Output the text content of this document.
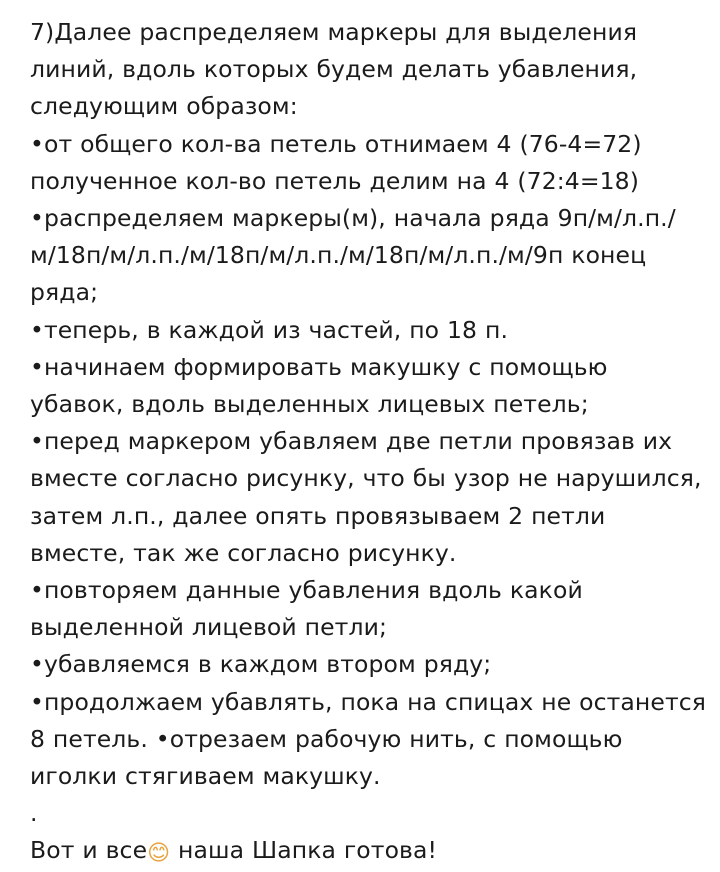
7)Далее распределяем маркеры для выделения линий, вдоль которых будем делать убавления, следующим образом:

•от общего кол-ва петель отнимаем 4 (76-4=72) полученное кол-во петель делим на 4 (72:4=18)

•распределяем маркеры(м), начала ряда 9п/м/л.п./м/18п/м/л.п./м/18п/м/л.п./м/18п/м/л.п./м/9п конец ряда;

•теперь, в каждой из частей, по 18 п.

•начинаем формировать макушку с помощью убавок, вдоль выделенных лицевых петель;

•перед маркером убавляем две петли провязав их вместе согласно рисунку, что бы узор не нарушился, затем л.п., далее опять провязываем 2 петли вместе, так же согласно рисунку.

•повторяем данные убавления вдоль какой выделенной лицевой петли;

•убавляемся в каждом втором ряду;

•продолжаем убавлять, пока на спицах не останется 8 петель. •отрезаем рабочую нить, с помощью иголки стягиваем макушку.

.

Вот и все😊 наша Шапка готова!
